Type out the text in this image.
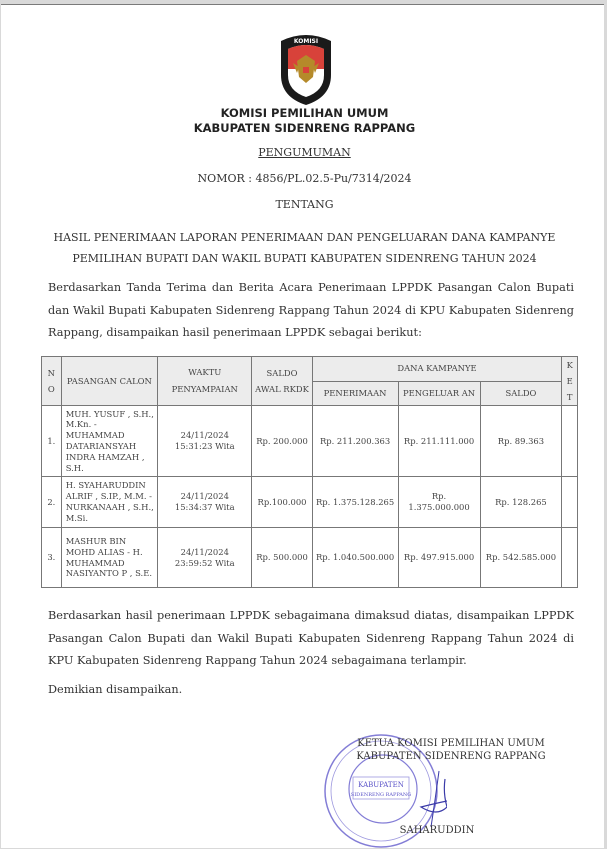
KOMISI
KOMISI PEMILIHAN UMUM
KABUPATEN SIDENRENG RAPPANG
PENGUMUMAN
NOMOR : 4856/PL.02.5-Pu/7314/2024
TENTANG
HASIL PENERIMAAN LAPORAN PENERIMAAN DAN PENGELUARAN DANA KAMPANYE
PEMILIHAN BUPATI DAN WAKIL BUPATI KABUPATEN SIDENRENG TAHUN 2024
Berdasarkan Tanda Terima dan Berita Acara Penerimaan LPPDK Pasangan Calon Bupati dan Wakil Bupati Kabupaten Sidenreng Rappang Tahun 2024 di KPU Kabupaten Sidenreng Rappang, disampaikan hasil penerimaan LPPDK sebagai berikut:
N O	PASANGAN CALON	WAKTU PENYAMPAIAN	SALDO AWAL RKDK	DANA KAMPANYE			K E T
				PENERIMAAN	PENGELUAR AN	SALDO	
1.	MUH. YUSUF , S.H., M.Kn. - MUHAMMAD DATARIANSYAH INDRA HAMZAH , S.H.	24/11/2024
15:31:23 Wita	Rp. 200.000	Rp. 211.200.363	Rp. 211.111.000	Rp. 89.363	
2.	H. SYAHARUDDIN ALRIF , S.IP., M.M. - NURKANAAH , S.H., M.Si.	24/11/2024
15:34:37 Wita	Rp.100.000	Rp. 1.375.128.265	Rp. 1.375.000.000	Rp. 128.265	
3.	MASHUR BIN MOHD ALIAS - H. MUHAMMAD NASIYANTO P , S.E.	24/11/2024
23:59:52 Wita	Rp. 500.000	Rp. 1.040.500.000	Rp. 497.915.000	Rp. 542.585.000	
Berdasarkan hasil penerimaan LPPDK sebagaimana dimaksud diatas, disampaikan LPPDK Pasangan Calon Bupati dan Wakil Bupati Kabupaten Sidenreng Rappang Tahun 2024 di KPU Kabupaten Sidenreng Rappang Tahun 2024 sebagaimana terlampir.
Demikian disampaikan.
KABUPATEN
SIDENRENG RAPPANG
KETUA KOMISI PEMILIHAN UMUM
KABUPATEN SIDENRENG RAPPANG
SAHARUDDIN
